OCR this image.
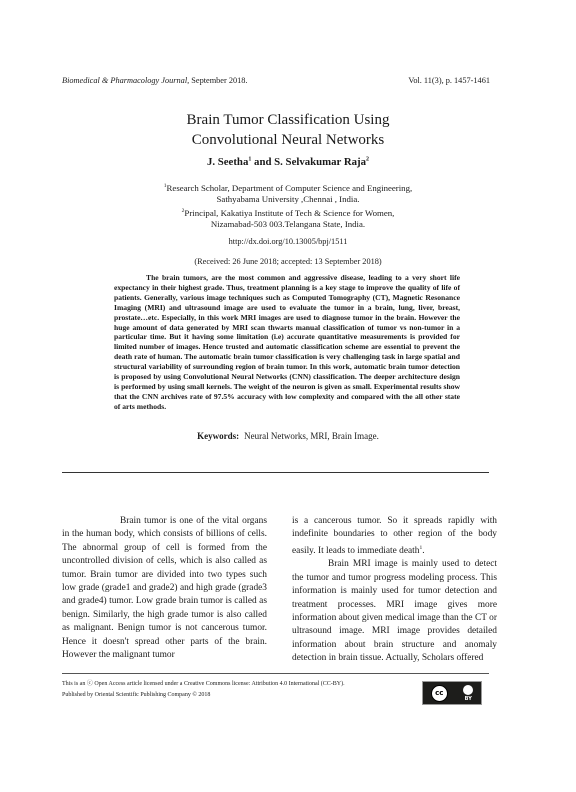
Biomedical & Pharmacology Journal, September 2018.	Vol. 11(3), p. 1457-1461
Brain Tumor Classification Using
Convolutional Neural Networks
J. Seetha$^1$ and S. Selvakumar Raja$^2$
$^1$Research Scholar, Department of Computer Science and Engineering,
Sathyabama University ,Chennai , India.
$^2$Principal, Kakatiya Institute of Tech & Science for Women,
Nizamabad-503 003.Telangana State, India.
http://dx.doi.org/10.13005/bpj/1511
(Received: 26 June 2018; accepted: 13 September 2018)
The brain tumors, are the most common and aggressive disease, leading to a very short life expectancy in their highest grade. Thus, treatment planning is a key stage to improve the quality of life of patients. Generally, various image techniques such as Computed Tomography (CT), Magnetic Resonance Imaging (MRI) and ultrasound image are used to evaluate the tumor in a brain, lung, liver, breast, prostate…etc. Especially, in this work MRI images are used to diagnose tumor in the brain. However the huge amount of data generated by MRI scan thwarts manual classification of tumor vs non-tumor in a particular time. But it having some limitation (i.e) accurate quantitative measurements is provided for limited number of images. Hence trusted and automatic classification scheme are essential to prevent the death rate of human. The automatic brain tumor classification is very challenging task in large spatial and structural variability of surrounding region of brain tumor. In this work, automatic brain tumor detection is proposed by using Convolutional Neural Networks (CNN) classification. The deeper architecture design is performed by using small kernels. The weight of the neuron is given as small. Experimental results show that the CNN archives rate of 97.5% accuracy with low complexity and compared with the all other state of arts methods.
Keywords: Neural Networks, MRI, Brain Image.

Brain tumor is one of the vital organs in the human body, which consists of billions of cells. The abnormal group of cell is formed from the uncontrolled division of cells, which is also called as tumor. Brain tumor are divided into two types such low grade (grade1 and grade2) and high grade (grade3 and grade4) tumor. Low grade brain tumor is called as benign. Similarly, the high grade tumor is also called as malignant. Benign tumor is not cancerous tumor. Hence it doesn't spread other parts of the brain. However the malignant tumor

is a cancerous tumor. So it spreads rapidly with indefinite boundaries to other region of the body easily. It leads to immediate death$^1$.

Brain MRI image is mainly used to detect the tumor and tumor progress modeling process. This information is mainly used for tumor detection and treatment processes. MRI image gives more information about given medical image than the CT or ultrasound image. MRI image provides detailed information about brain structure and anomaly detection in brain tissue. Actually, Scholars offered

This is an ⓒ Open Access article licensed under a Creative Commons license: Attribution 4.0 International (CC-BY).
Published by Oriental Scientific Publishing Company © 2018	cc
BY
